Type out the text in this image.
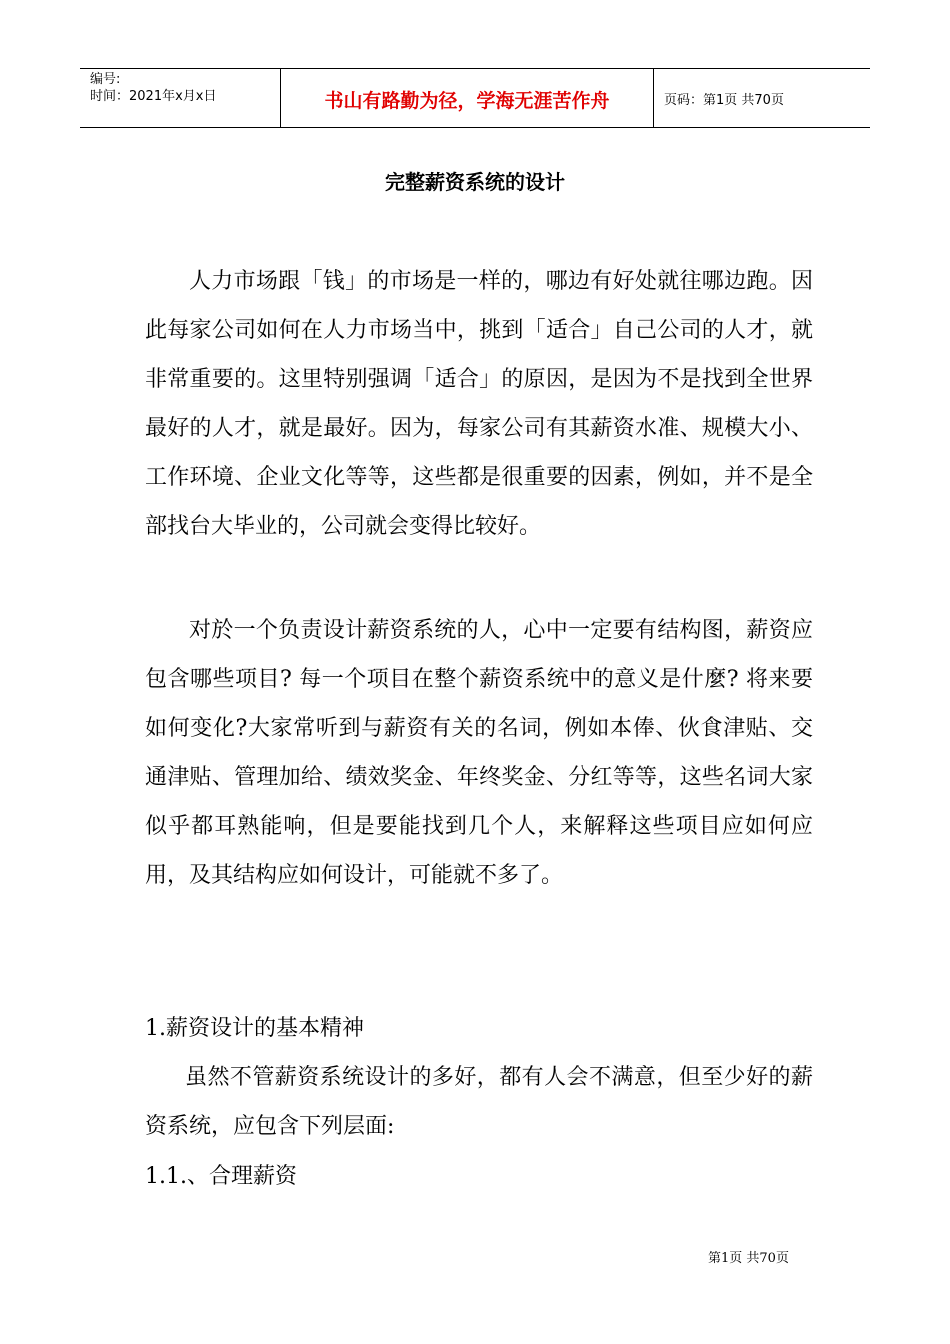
编号:
时间：2021年x月x日	书山有路勤为径，学海无涯苦作舟	页码：第1页 共70页
完整薪资系统的设计

人力市场跟「钱」的市场是一样的，哪边有好处就往哪边跑。因此每家公司如何在人力市场当中，挑到「适合」自己公司的人才，就非常重要的。这里特别强调「适合」的原因，是因为不是找到全世界最好的人才，就是最好。因为，每家公司有其薪资水准、规模大小、工作环境、企业文化等等，这些都是很重要的因素，例如，并不是全部找台大毕业的，公司就会变得比较好。

对於一个负责设计薪资系统的人，心中一定要有结构图，薪资应包含哪些项目? 每一个项目在整个薪资系统中的意义是什麼? 将来要如何变化?大家常听到与薪资有关的名词，例如本俸、伙食津贴、交通津贴、管理加给、绩效奖金、年终奖金、分红等等，这些名词大家似乎都耳熟能响，但是要能找到几个人，来解释这些项目应如何应用，及其结构应如何设计，可能就不多了。

1.薪资设计的基本精神

虽然不管薪资系统设计的多好，都有人会不满意，但至少好的薪资系统，应包含下列层面:

1.1.、合理薪资

第1页 共70页
